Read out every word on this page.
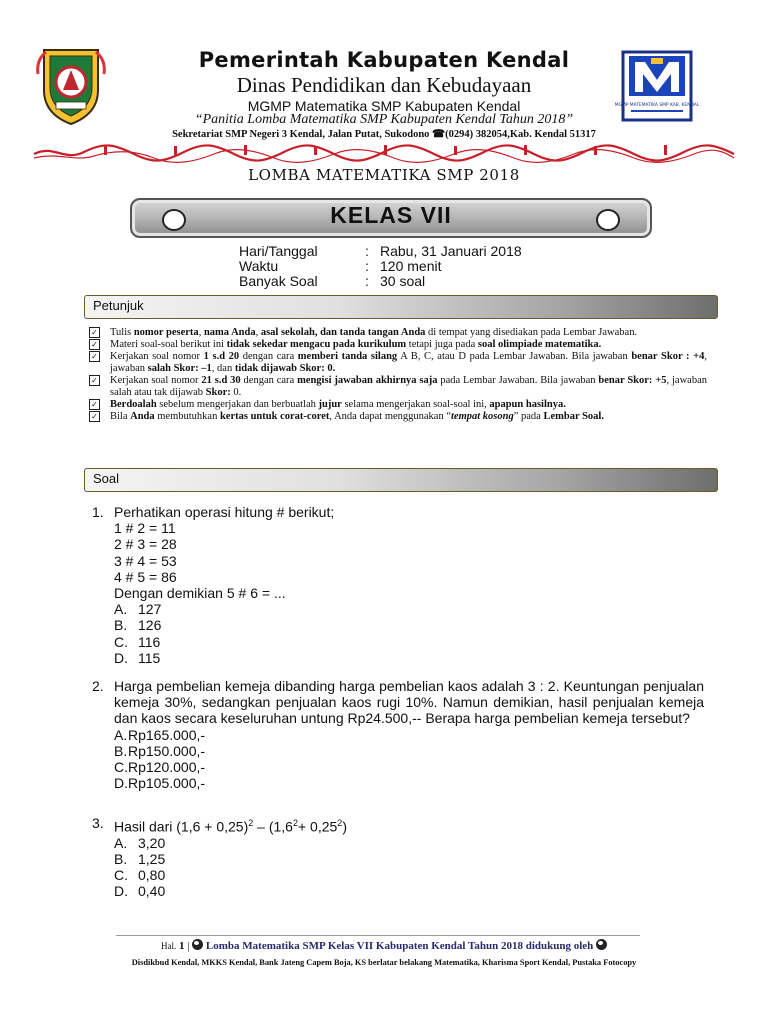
Pemerintah Kabupaten Kendal
Dinas Pendidikan dan Kebudayaan
MGMP Matematika SMP Kabupaten Kendal
“Panitia Lomba Matematika SMP Kabupaten Kendal Tahun 2018”
Sekretariat SMP Negeri 3 Kendal, Jalan Putat, Sukodono ☎(0294) 382054,Kab. Kendal 51317
MGMP MATEMATIKA SMP KAB. KENDAL
LOMBA MATEMATIKA SMP 2018
KELAS VII
Hari/Tanggal	: Rabu, 31 Januari 2018
Waktu	: 120 menit
Banyak Soal	: 30 soal
Petunjuk
✓ Tulis nomor peserta, nama Anda, asal sekolah, dan tanda tangan Anda di tempat yang disediakan pada Lembar Jawaban.
✓ Materi soal-soal berikut ini tidak sekedar mengacu pada kurikulum tetapi juga pada soal olimpiade matematika.
✓ Kerjakan soal nomor 1 s.d 20 dengan cara memberi tanda silang A B, C, atau D pada Lembar Jawaban. Bila jawaban benar Skor : +4, jawaban salah Skor: –1, dan tidak dijawab Skor: 0.
✓ Kerjakan soal nomor 21 s.d 30 dengan cara mengisi jawaban akhirnya saja pada Lembar Jawaban. Bila jawaban benar Skor: +5, jawaban salah atau tak dijawab Skor: 0.
✓ Berdoalah sebelum mengerjakan dan berbuatlah jujur selama mengerjakan soal-soal ini, apapun hasilnya.
✓ Bila Anda membutuhkan kertas untuk corat-coret, Anda dapat menggunakan “tempat kosong” pada Lembar Soal.
Soal
1. Perhatikan operasi hitung # berikut;
1 # 2 = 11
2 # 3 = 28
3 # 4 = 53
4 # 5 = 86
Dengan demikian 5 # 6 = ...
A. 127
B. 126
C. 116
D. 115
2. Harga pembelian kemeja dibanding harga pembelian kaos adalah 3 : 2. Keuntungan penjualan kemeja 30%, sedangkan penjualan kaos rugi 10%. Namun demikian, hasil penjualan kemeja dan kaos secara keseluruhan untung Rp24.500,-- Berapa harga pembelian kemeja tersebut?
A. Rp165.000,-
B. Rp150.000,-
C. Rp120.000,-
D. Rp105.000,-
3. Hasil dari $(1,6 + 0,25)^2 - (1,6^2+ 0,25^2)$
A. 3,20
B. 1,25
C. 0,80
D. 0,40
Hal. 1 | Lomba Matematika SMP Kelas VII Kabupaten Kendal Tahun 2018 didukung oleh
Disdikbud Kendal, MKKS Kendal, Bank Jateng Capem Boja, KS berlatar belakang Matematika, Kharisma Sport Kendal, Pustaka Fotocopy
